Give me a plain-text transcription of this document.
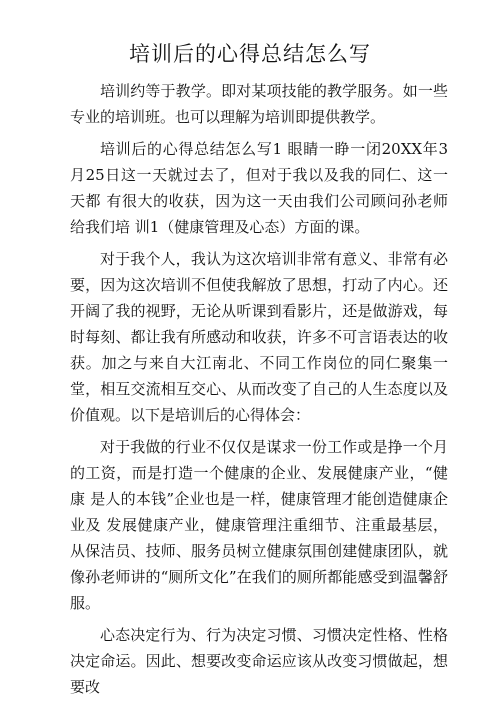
培训后的心得总结怎么写

培训约等于教学。即对某项技能的教学服务。如一些专业的培训班。也可以理解为培训即提供教学。

培训后的心得总结怎么写1 眼睛一睁一闭20XX年3 月25日这一天就过去了，但对于我以及我的同仁、这一天都 有很大的收获，因为这一天由我们公司顾问孙老师给我们培 训1（健康管理及心态）方面的课。

对于我个人，我认为这次培训非常有意义、非常有必要，因为这次培训不但使我解放了思想，打动了内心。还开阔了我的视野，无论从听课到看影片，还是做游戏，每时每刻、都让我有所感动和收获，许多不可言语表达的收获。加之与来自大江南北、不同工作岗位的同仁聚集一堂，相互交流相互交心、从而改变了自己的人生态度以及价值观。以下是培训后的心得体会：

对于我做的行业不仅仅是谋求一份工作或是挣一个月 的工资，而是打造一个健康的企业、发展健康产业，“健康 是人的本钱”企业也是一样，健康管理才能创造健康企业及 发展健康产业，健康管理注重细节、注重最基层，从保洁员、技师、服务员树立健康氛围创建健康团队，就像孙老师讲的“厕所文化”在我们的厕所都能感受到温馨舒服。

心态决定行为、行为决定习惯、习惯决定性格、性格决定命运。因此、想要改变命运应该从改变习惯做起，想要改
